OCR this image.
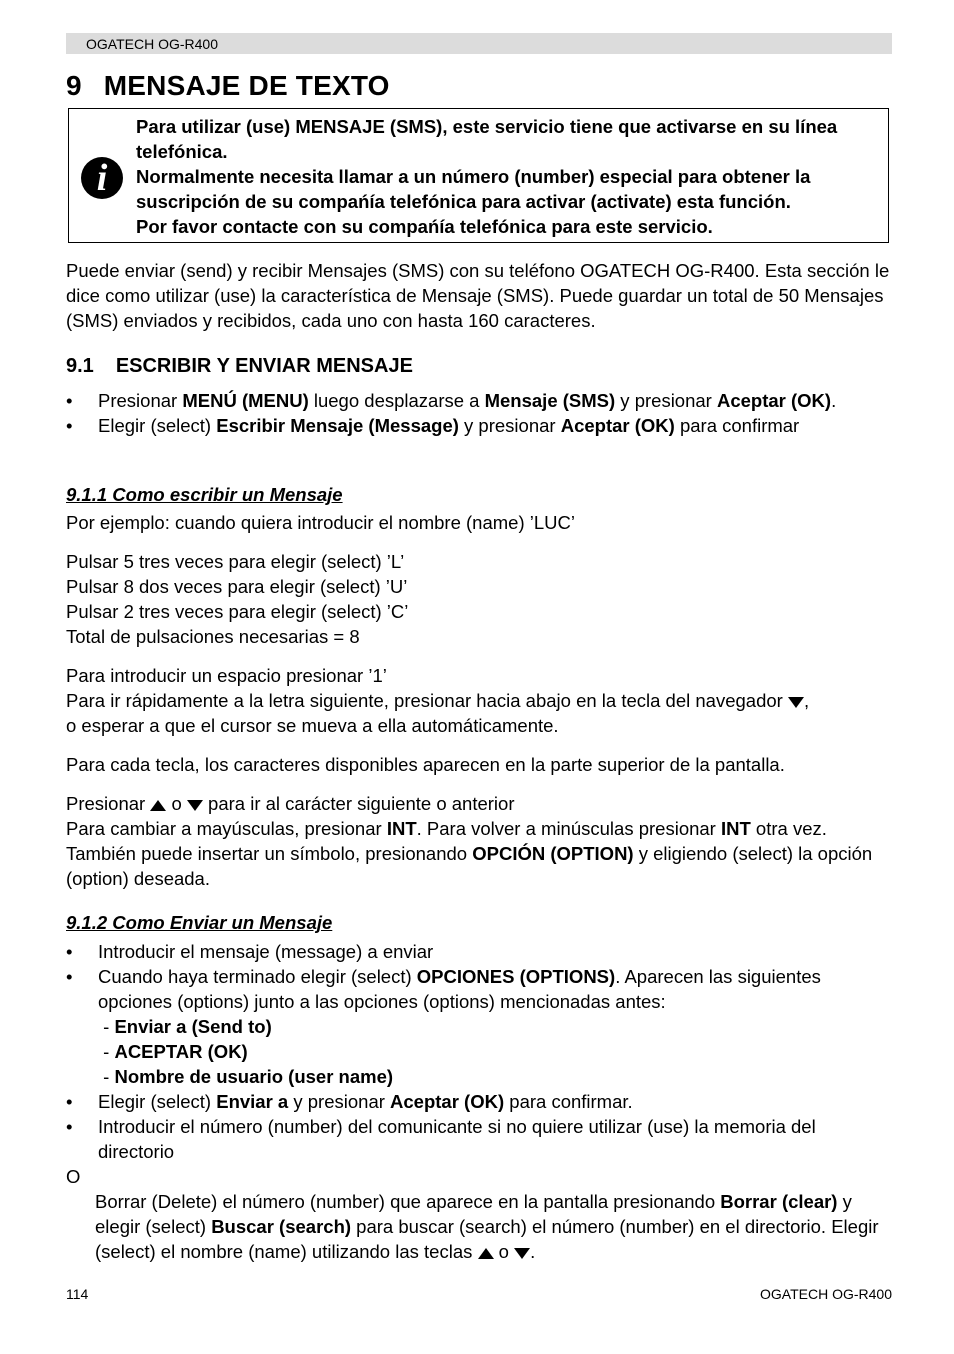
OGATECH OG-R400
9 MENSAJE DE TEXTO
i

Para utilizar (use) MENSAJE (SMS), este servicio tiene que activarse en su línea telefónica.

Normalmente necesita llamar a un número (number) especial para obtener la suscripción de su compańía telefónica para activar (activate) esta función.

Por favor contacte con su compańía telefónica para este servicio.

Puede enviar (send) y recibir Mensajes (SMS) con su teléfono OGATECH OG-R400. Esta sección le dice como utilizar (use) la característica de Mensaje (SMS). Puede guardar un total de 50 Mensajes (SMS) enviados y recibidos, cada uno con hasta 160 caracteres.

9.1 ESCRIBIR Y ENVIAR MENSAJE
• Presionar MENÚ (MENU) luego desplazarse a Mensaje (SMS) y presionar Aceptar (OK).
• Elegir (select) Escribir Mensaje (Message) y presionar Aceptar (OK) para confirmar

9.1.1 Como escribir un Mensaje

Por ejemplo: cuando quiera introducir el nombre (name) ’LUC’

Pulsar 5 tres veces para elegir (select) ’L’

Pulsar 8 dos veces para elegir (select) ’U’

Pulsar 2 tres veces para elegir (select) ’C’

Total de pulsaciones necesarias = 8

Para introducir un espacio presionar ’1’

Para ir rápidamente a la letra siguiente, presionar hacia abajo en la tecla del navegador ,

o esperar a que el cursor se mueva a ella automáticamente.

Para cada tecla, los caracteres disponibles aparecen en la parte superior de la pantalla.

Presionar  o  para ir al carácter siguiente o anterior

Para cambiar a mayúsculas, presionar INT. Para volver a minúsculas presionar INT otra vez.

También puede insertar un símbolo, presionando OPCIÓN (OPTION) y eligiendo (select) la opción (option) deseada.

9.1.2 Como Enviar un Mensaje

• Introducir el mensaje (message) a enviar
• Cuando haya terminado elegir (select) OPCIONES (OPTIONS). Aparecen las siguientes opciones (options) junto a las opciones (options) mencionadas antes:
- Enviar a (Send to)
- ACEPTAR (OK)
- Nombre de usuario (user name)
• Elegir (select) Enviar a y presionar Aceptar (OK) para confirmar.
• Introducir el número (number) del comunicante si no quiere utilizar (use) la memoria del directorio

O

Borrar (Delete) el número (number) que aparece en la pantalla presionando Borrar (clear) y elegir (select) Buscar (search) para buscar (search) el número (number) en el directorio. Elegir (select) el nombre (name) utilizando las teclas  o .

114	OGATECH OG-R400
